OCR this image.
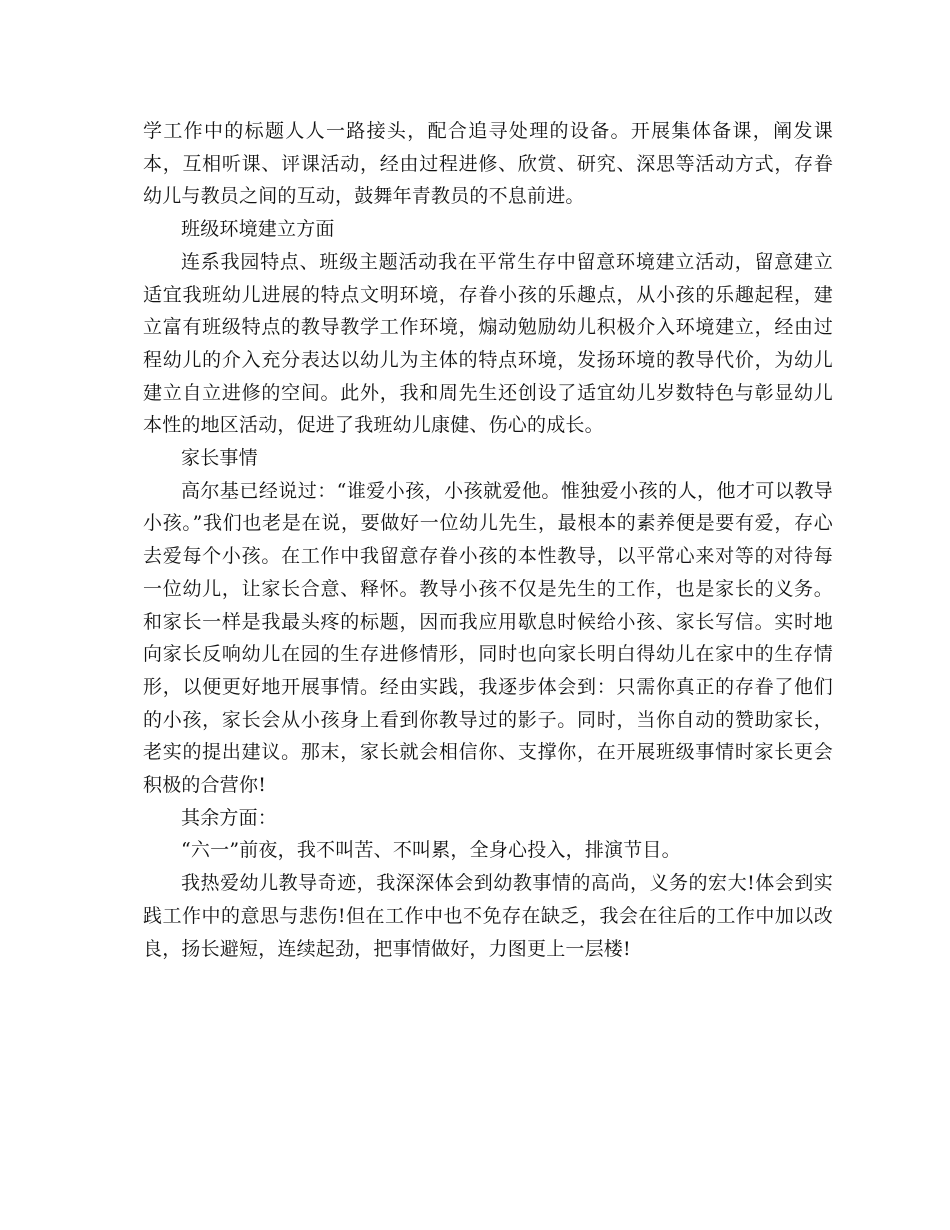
学工作中的标题人人一路接头，配合追寻处理的设备。开展集体备课，阐发课本，互相听课、评课活动，经由过程进修、欣赏、研究、深思等活动方式，存眷幼儿与教员之间的互动，鼓舞年青教员的不息前进。

班级环境建立方面

连系我园特点、班级主题活动我在平常生存中留意环境建立活动，留意建立适宜我班幼儿进展的特点文明环境，存眷小孩的乐趣点，从小孩的乐趣起程，建立富有班级特点的教导教学工作环境，煽动勉励幼儿积极介入环境建立，经由过程幼儿的介入充分表达以幼儿为主体的特点环境，发扬环境的教导代价，为幼儿建立自立进修的空间。此外，我和周先生还创设了适宜幼儿岁数特色与彰显幼儿本性的地区活动，促进了我班幼儿康健、伤心的成长。

家长事情

高尔基已经说过：“谁爱小孩，小孩就爱他。惟独爱小孩的人，他才可以教导小孩。”我们也老是在说，要做好一位幼儿先生，最根本的素养便是要有爱，存心去爱每个小孩。在工作中我留意存眷小孩的本性教导，以平常心来对等的对待每一位幼儿，让家长合意、释怀。教导小孩不仅是先生的工作，也是家长的义务。和家长一样是我最头疼的标题，因而我应用歇息时候给小孩、家长写信。实时地向家长反响幼儿在园的生存进修情形，同时也向家长明白得幼儿在家中的生存情形，以便更好地开展事情。经由实践，我逐步体会到：只需你真正的存眷了他们的小孩，家长会从小孩身上看到你教导过的影子。同时，当你自动的赞助家长，老实的提出建议。那末，家长就会相信你、支撑你，在开展班级事情时家长更会积极的合营你!

其余方面：

“六一”前夜，我不叫苦、不叫累，全身心投入，排演节目。

我热爱幼儿教导奇迹，我深深体会到幼教事情的高尚，义务的宏大!体会到实践工作中的意思与悲伤!但在工作中也不免存在缺乏，我会在往后的工作中加以改良，扬长避短，连续起劲，把事情做好，力图更上一层楼!
